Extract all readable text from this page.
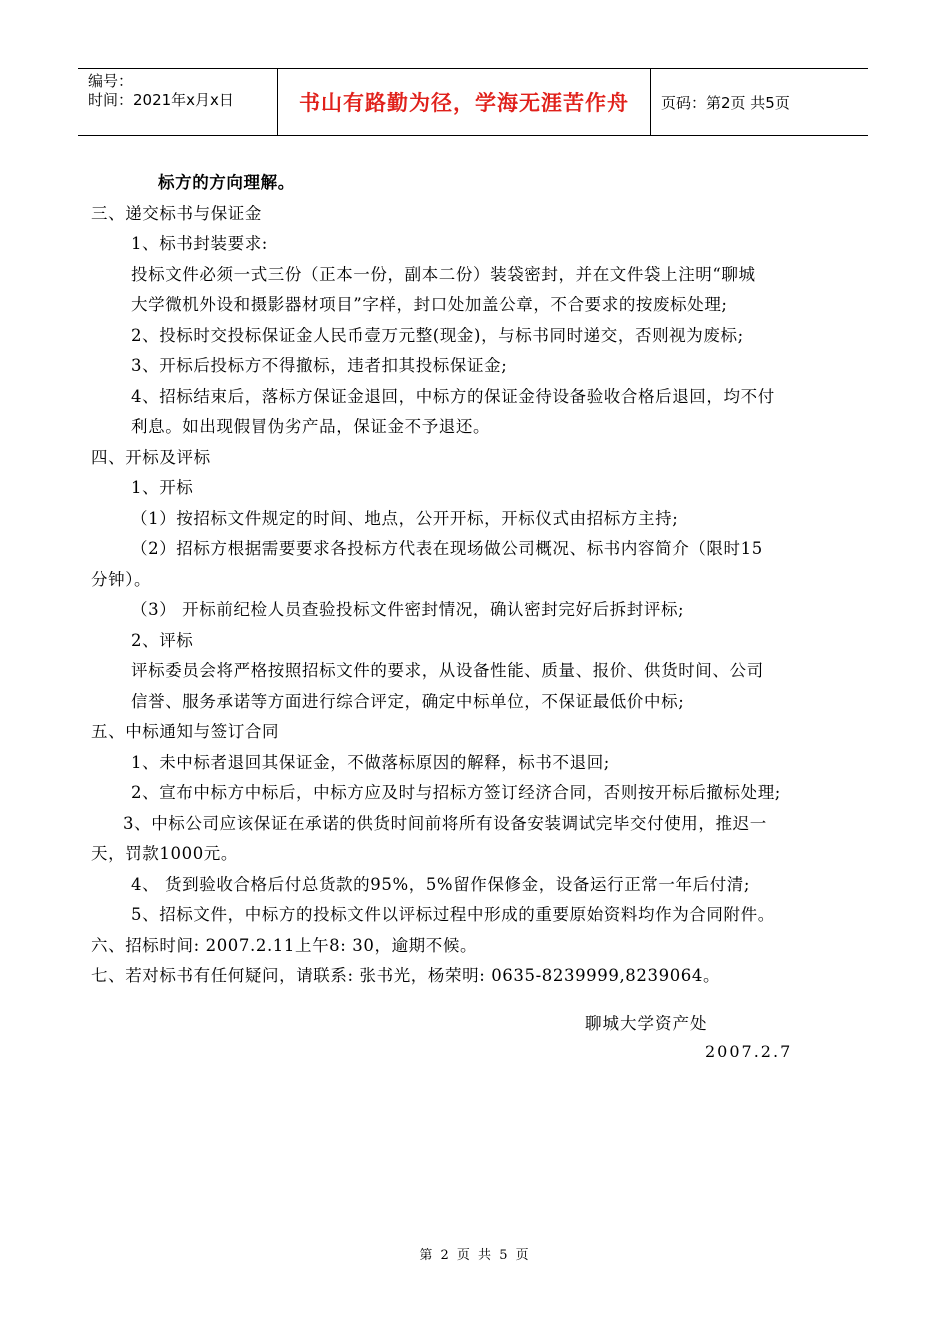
编号：
时间：2021年x月x日	书山有路勤为径，学海无涯苦作舟	页码：第2页 共5页
标方的方向理解。
三、递交标书与保证金
1、标书封装要求:
投标文件必须一式三份（正本一份，副本二份）装袋密封，并在文件袋上注明“聊城
大学微机外设和摄影器材项目”字样，封口处加盖公章，不合要求的按废标处理;
2、投标时交投标保证金人民币壹万元整(现金)，与标书同时递交，否则视为废标;
3、开标后投标方不得撤标，违者扣其投标保证金;
4、招标结束后，落标方保证金退回，中标方的保证金待设备验收合格后退回，均不付
利息。如出现假冒伪劣产品，保证金不予退还。
四、开标及评标
1、开标
（1）按招标文件规定的时间、地点，公开开标，开标仪式由招标方主持;
（2）招标方根据需要要求各投标方代表在现场做公司概况、标书内容简介（限时15
分钟）。
（3） 开标前纪检人员查验投标文件密封情况，确认密封完好后拆封评标;
2、评标
评标委员会将严格按照招标文件的要求，从设备性能、质量、报价、供货时间、公司
信誉、服务承诺等方面进行综合评定，确定中标单位，不保证最低价中标;
五、中标通知与签订合同
1、未中标者退回其保证金，不做落标原因的解释，标书不退回;
2、宣布中标方中标后，中标方应及时与招标方签订经济合同，否则按开标后撤标处理;
3、中标公司应该保证在承诺的供货时间前将所有设备安装调试完毕交付使用，推迟一
天，罚款1000元。
4、 货到验收合格后付总货款的95%，5%留作保修金，设备运行正常一年后付清;
5、招标文件，中标方的投标文件以评标过程中形成的重要原始资料均作为合同附件。
六、招标时间: 2007.2.11上午8: 30，逾期不候。
七、若对标书有任何疑问，请联系: 张书光，杨荣明: 0635-8239999,8239064。
聊城大学资产处
2007.2.7
第 2 页 共 5 页
